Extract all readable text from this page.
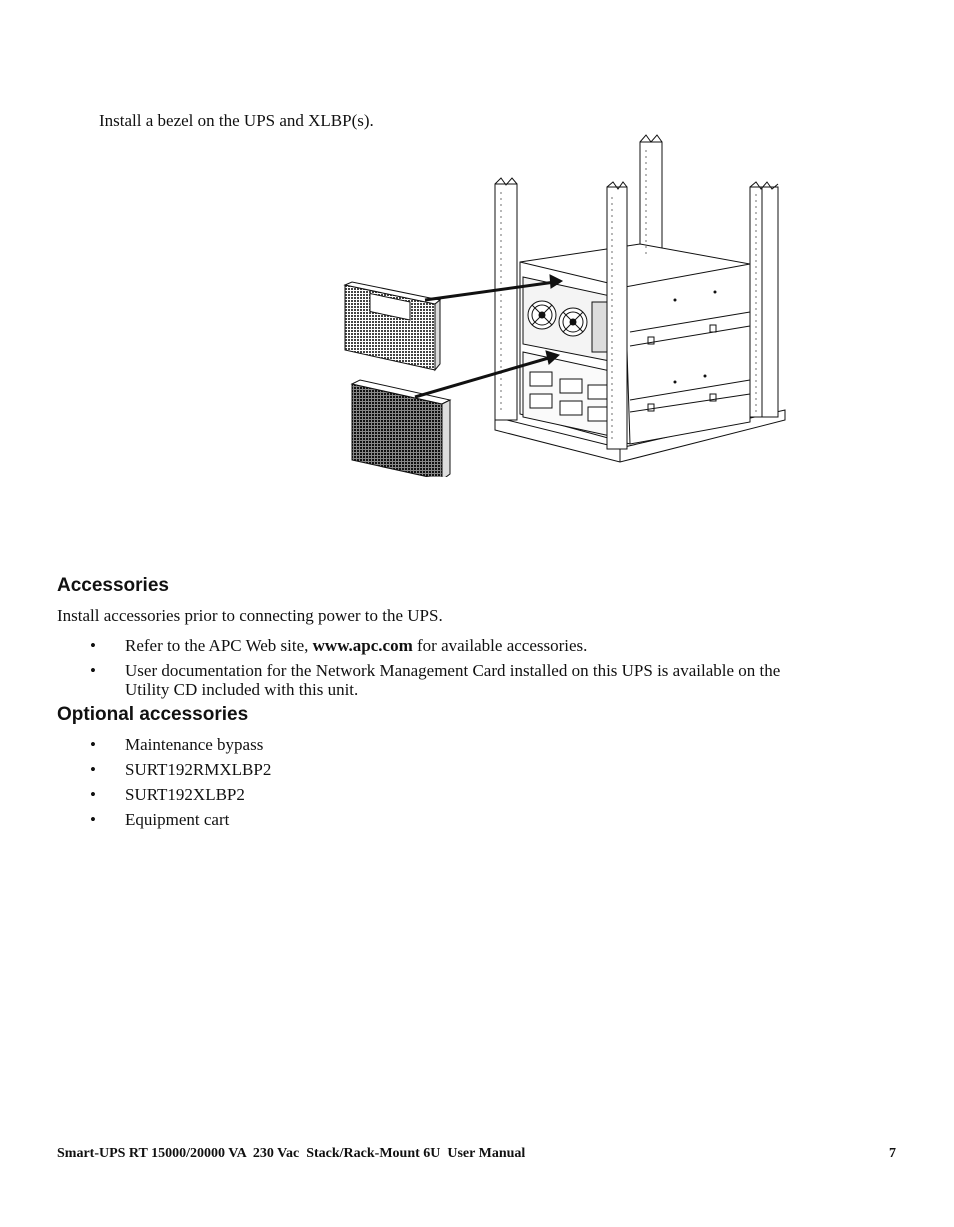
Install a bezel on the UPS and XLBP(s).
Accessories
Install accessories prior to connecting power to the UPS.
• Refer to the APC Web site, www.apc.com for available accessories.
• User documentation for the Network Management Card installed on this UPS is available on the
Utility CD included with this unit.
Optional accessories
• Maintenance bypass
• SURT192RMXLBP2
• SURT192XLBP2
• Equipment cart
Smart-UPS RT 15000/20000 VA  230 Vac  Stack/Rack-Mount 6U  User Manual	7
